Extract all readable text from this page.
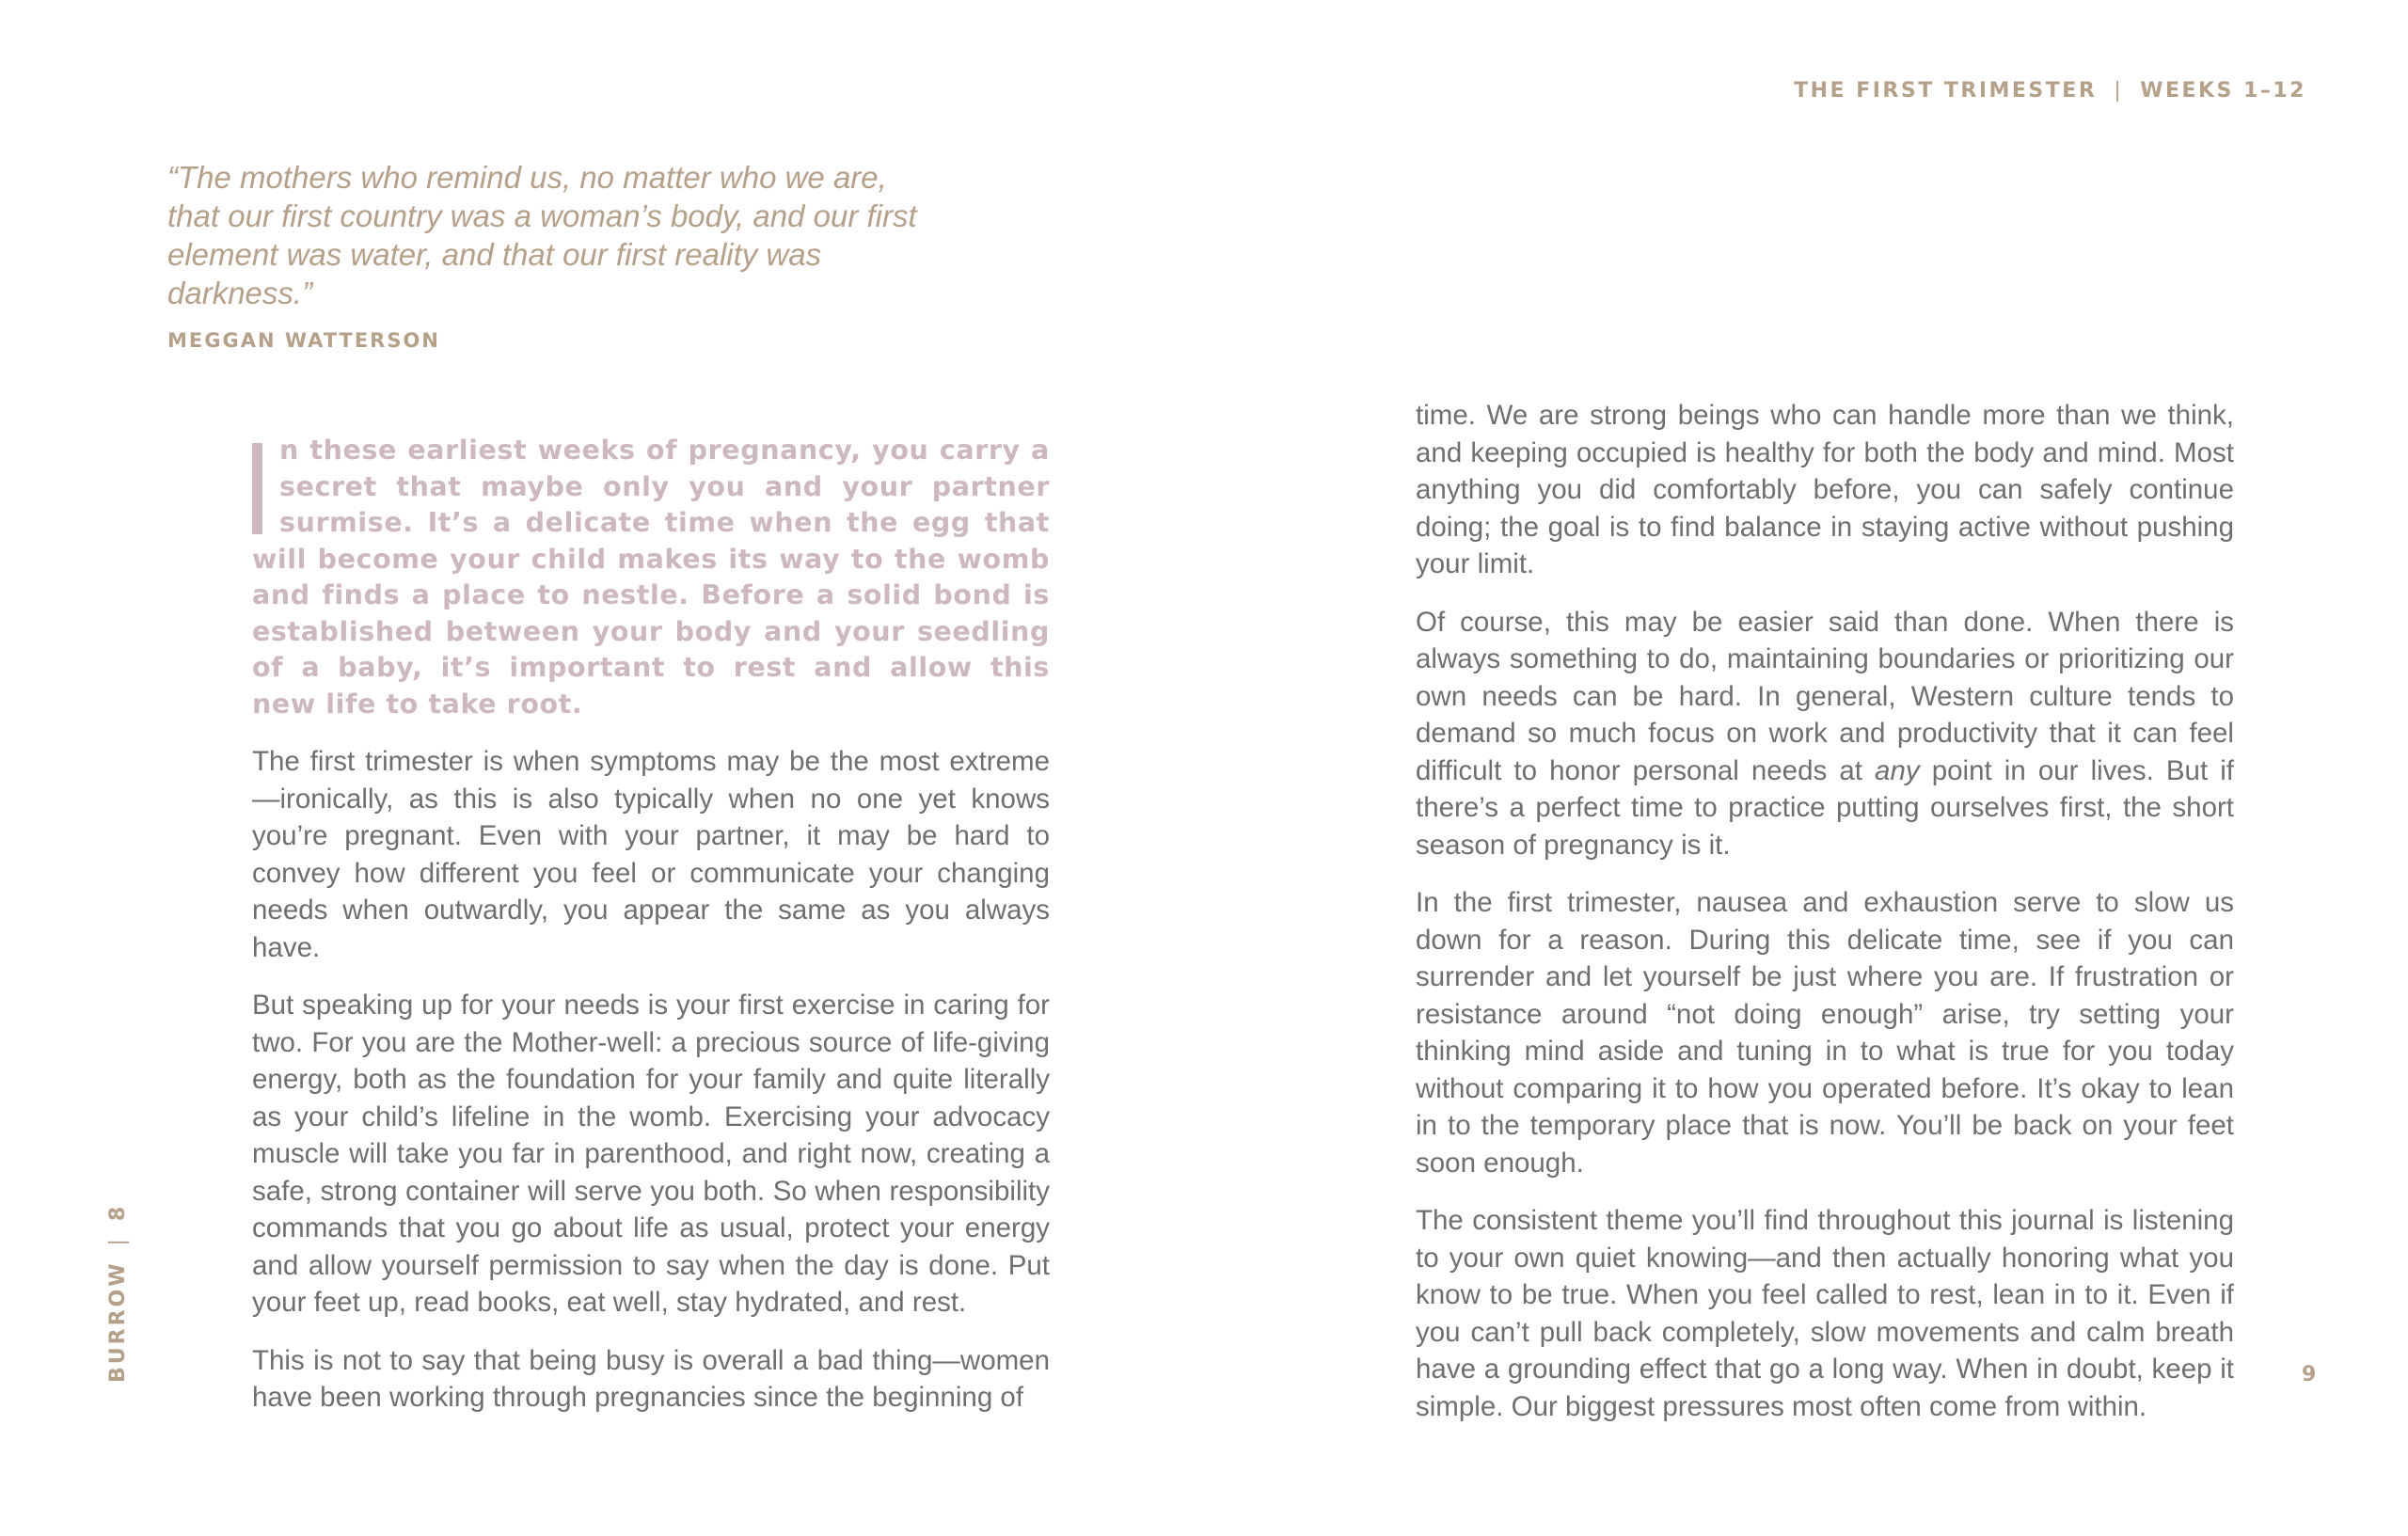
THE FIRST TRIMESTER | WEEKS 1–12

“The mothers who remind us, no matter who we are, that our first country was a woman’s body, and our first element was water, and that our first reality was darkness.”

MEGGAN WATTERSON
n these earliest weeks of pregnancy, you carry a secret that maybe only you and your partner surmise. It’s a delicate time when the egg that will become your child makes its way to the womb and finds a place to nestle. Before a solid bond is established between your body and your seedling of a baby, it’s important to rest and allow this new life to take root.

The first trimester is when symptoms may be the most extreme—ironically, as this is also typically when no one yet knows you’re pregnant. Even with your partner, it may be hard to convey how different you feel or communicate your changing needs when outwardly, you appear the same as you always have.

But speaking up for your needs is your first exercise in caring for two. For you are the Mother-well: a precious source of life-giving energy, both as the foundation for your family and quite literally as your child’s lifeline in the womb. Exercising your advocacy muscle will take you far in parenthood, and right now, creating a safe, strong container will serve you both. So when responsibility commands that you go about life as usual, protect your energy and allow yourself permission to say when the day is done. Put your feet up, read books, eat well, stay hydrated, and rest.

This is not to say that being busy is overall a bad thing—women have been working through pregnancies since the beginning of

BURROW|8

time. We are strong beings who can handle more than we think, and keeping occupied is healthy for both the body and mind. Most anything you did comfortably before, you can safely continue doing; the goal is to find balance in staying active without pushing your limit.

Of course, this may be easier said than done. When there is always something to do, maintaining boundaries or prioritizing our own needs can be hard. In general, Western culture tends to demand so much focus on work and productivity that it can feel difficult to honor personal needs at any point in our lives. But if there’s a perfect time to practice putting ourselves first, the short season of pregnancy is it.

In the first trimester, nausea and exhaustion serve to slow us down for a reason. During this delicate time, see if you can surrender and let yourself be just where you are. If frustration or resistance around “not doing enough” arise, try setting your thinking mind aside and tuning in to what is true for you today without comparing it to how you operated before. It’s okay to lean in to the temporary place that is now. You’ll be back on your feet soon enough.

The consistent theme you’ll find throughout this journal is listening to your own quiet knowing—and then actually honoring what you know to be true. When you feel called to rest, lean in to it. Even if you can’t pull back completely, slow movements and calm breath have a grounding effect that go a long way. When in doubt, keep it simple. Our biggest pressures most often come from within.

9
